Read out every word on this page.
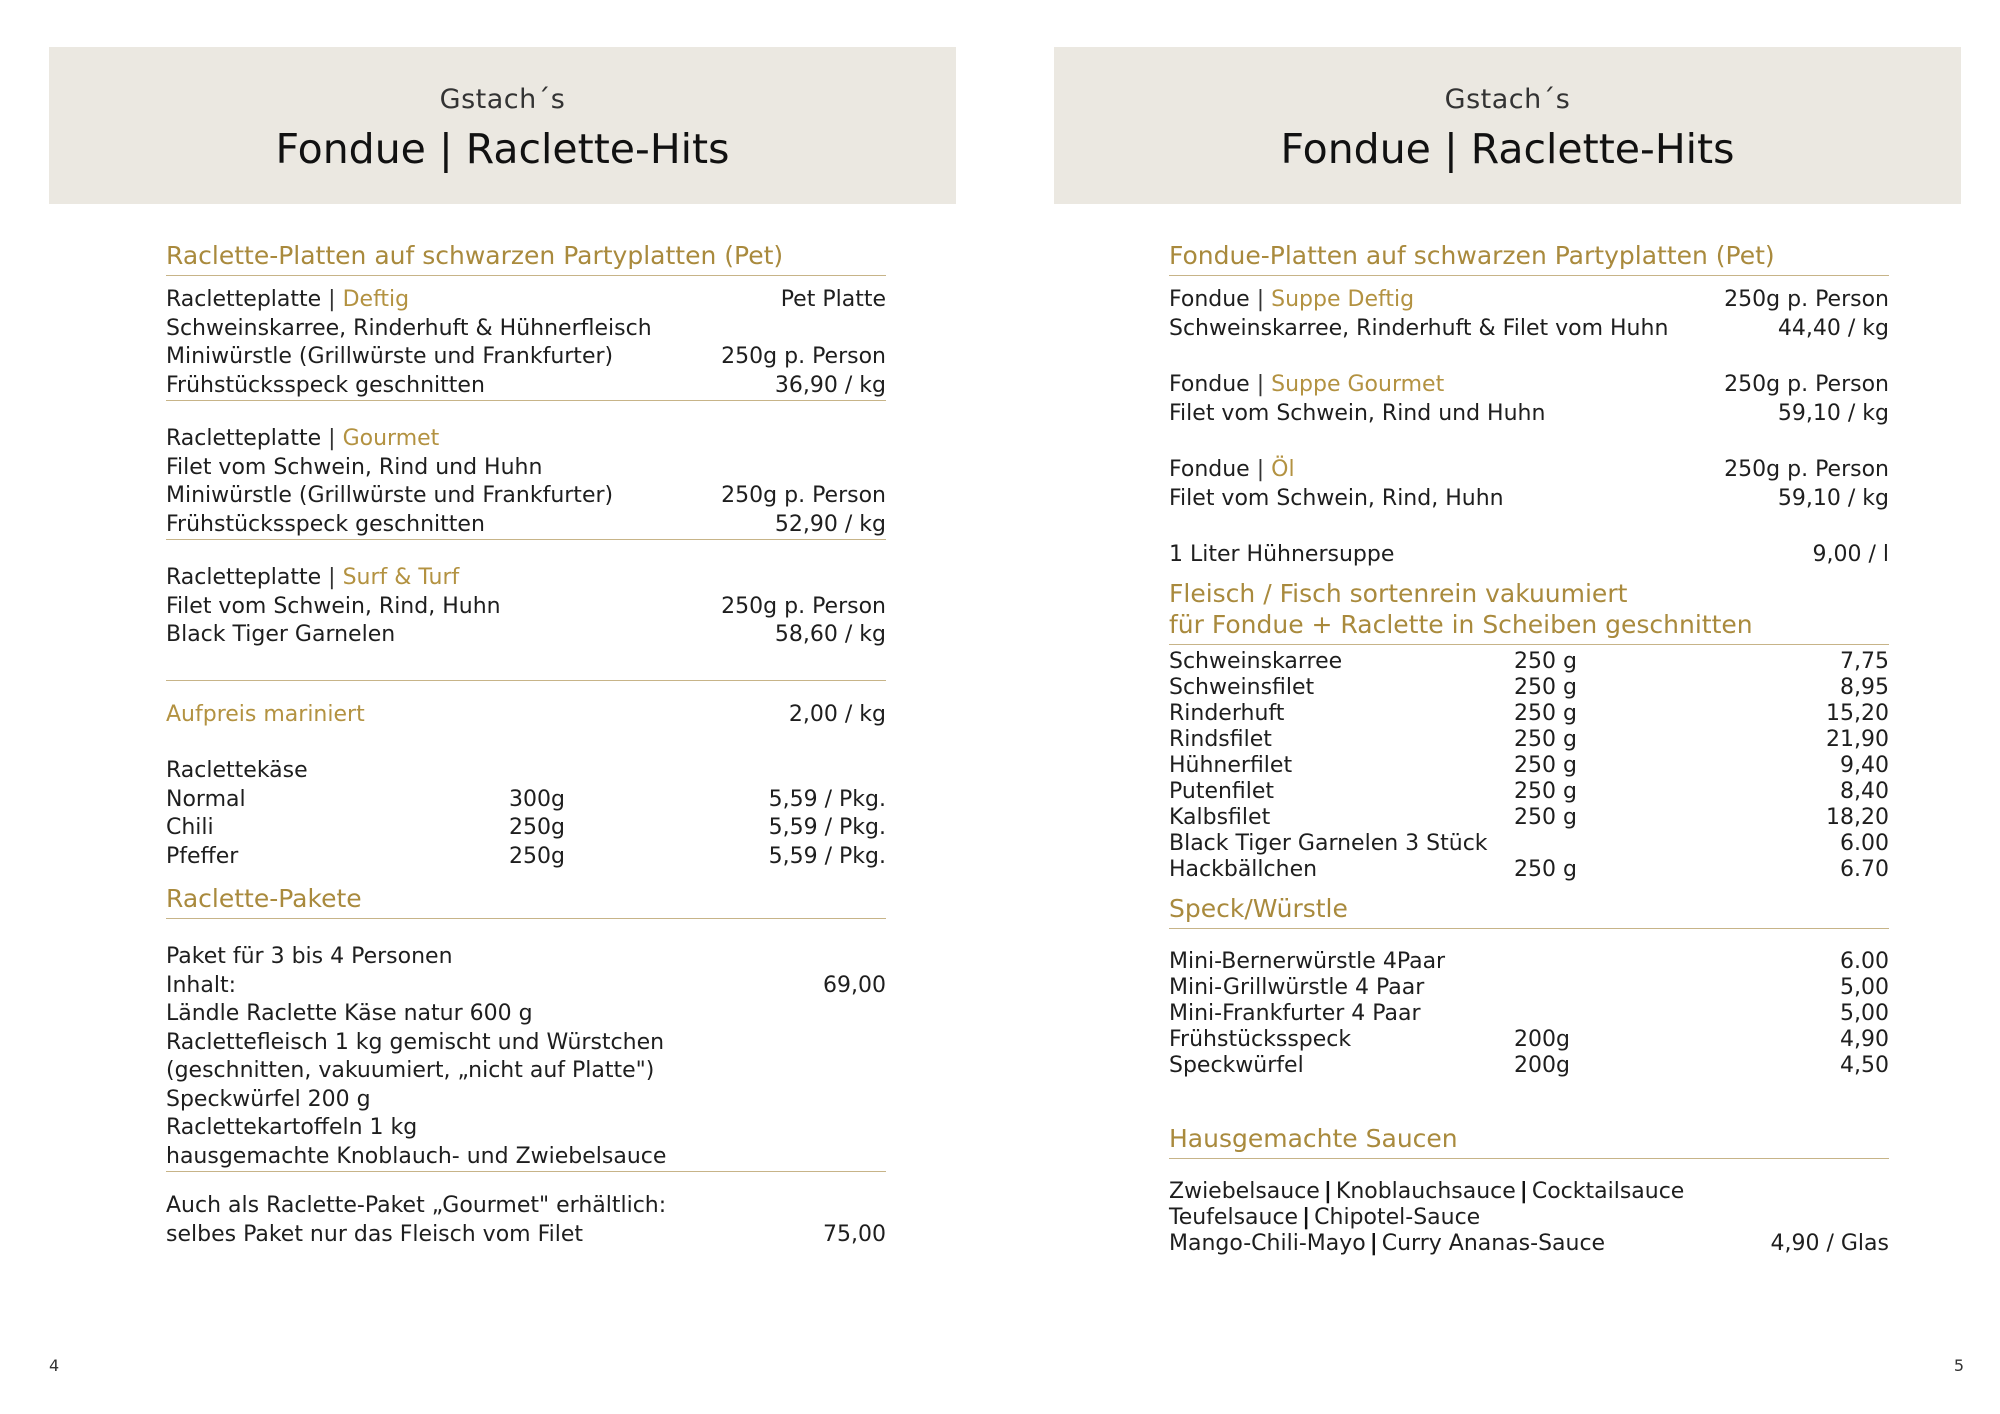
Gstach´s
Fondue | Raclette-Hits
Raclette-Platten auf schwarzen Partyplatten (Pet)
Racletteplatte | Deftig	Pet Platte
Schweinskarree, Rinderhuft & Hühnerfleisch
Miniwürstle (Grillwürste und Frankfurter)	250g p. Person
Frühstücksspeck geschnitten	36,90 / kg
Racletteplatte | Gourmet
Filet vom Schwein, Rind und Huhn
Miniwürstle (Grillwürste und Frankfurter)	250g p. Person
Frühstücksspeck geschnitten	52,90 / kg
Racletteplatte | Surf & Turf
Filet vom Schwein, Rind, Huhn	250g p. Person
Black Tiger Garnelen	58,60 / kg
Aufpreis mariniert	2,00 / kg
Raclettekäse
Normal	300g	5,59 / Pkg.
Chili	250g	5,59 / Pkg.
Pfeffer	250g	5,59 / Pkg.
Raclette-Pakete
Paket für 3 bis 4 Personen
Inhalt:	69,00
Ländle Raclette Käse natur 600 g
Raclettefleisch 1 kg gemischt und Würstchen
(geschnitten, vakuumiert, „nicht auf Platte")
Speckwürfel 200 g
Raclettekartoffeln 1 kg
hausgemachte Knoblauch- und Zwiebelsauce
Auch als Raclette-Paket „Gourmet" erhältlich:
selbes Paket nur das Fleisch vom Filet	75,00
4
Gstach´s
Fondue | Raclette-Hits
Fondue-Platten auf schwarzen Partyplatten (Pet)
Fondue | Suppe Deftig	250g p. Person
Schweinskarree, Rinderhuft & Filet vom Huhn	44,40 / kg
Fondue | Suppe Gourmet	250g p. Person
Filet vom Schwein, Rind und Huhn	59,10 / kg
Fondue | Öl	250g p. Person
Filet vom Schwein, Rind, Huhn	59,10 / kg
1 Liter Hühnersuppe	9,00 / l
Fleisch / Fisch sortenrein vakuumiert
für Fondue + Raclette in Scheiben geschnitten
Schweinskarree	250 g	7,75
Schweinsfilet	250 g	8,95
Rinderhuft	250 g	15,20
Rindsfilet	250 g	21,90
Hühnerfilet	250 g	9,40
Putenfilet	250 g	8,40
Kalbsfilet	250 g	18,20
Black Tiger Garnelen 3 Stück	6.00
Hackbällchen	250 g	6.70
Speck/Würstle
Mini-Bernerwürstle 4Paar	6.00
Mini-Grillwürstle 4 Paar	5,00
Mini-Frankfurter 4 Paar	5,00
Frühstücksspeck	200g	4,90
Speckwürfel	200g	4,50
Hausgemachte Saucen
Zwiebelsauce | Knoblauchsauce | Cocktailsauce
Teufelsauce | Chipotel-Sauce
Mango-Chili-Mayo | Curry Ananas-Sauce	4,90 / Glas
5
